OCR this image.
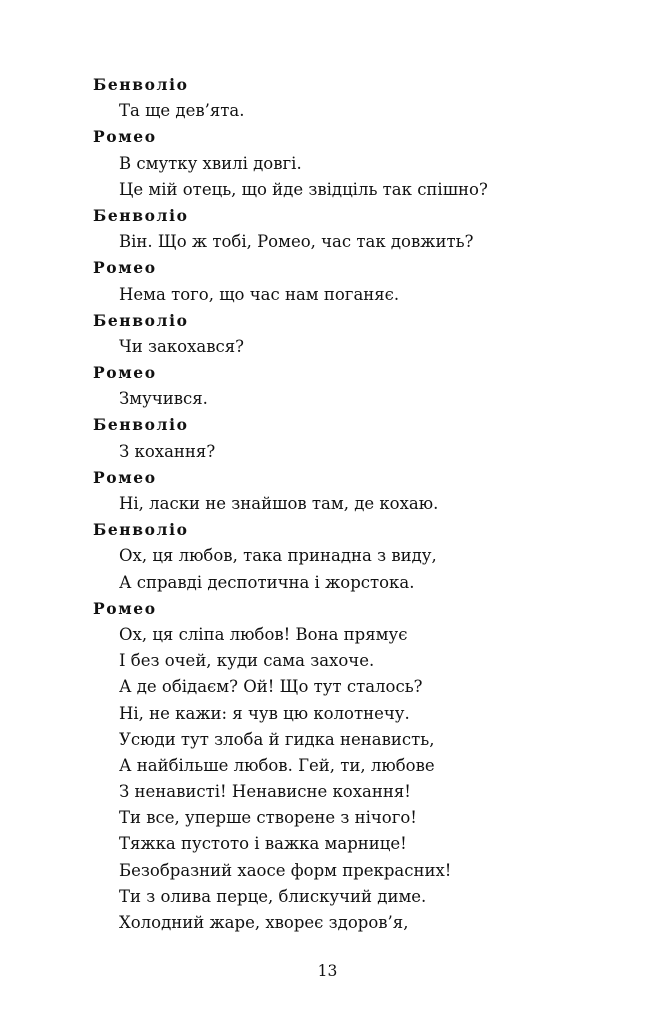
Бенволіо
Та ще дев’ята.
Ромео
В смутку хвилі довгі.
Це мій отець, що йде звідціль так спішно?
Бенволіо
Він. Що ж тобі, Ромео, час так довжить?
Ромео
Нема того, що час нам поганяє.
Бенволіо
Чи закохався?
Ромео
Змучився.
Бенволіо
З кохання?
Ромео
Ні, ласки не знайшов там, де кохаю.
Бенволіо
Ох, ця любов, така принадна з виду,
А справді деспотична і жорстока.
Ромео
Ох, ця сліпа любов! Вона прямує
І без очей, куди сама захоче.
А де обідаєм? Ой! Що тут сталось?
Ні, не кажи: я чув цю колотнечу.
Усюди тут злоба й гидка ненависть,
А найбільше любов. Гей, ти, любове
З ненависті! Ненависне кохання!
Ти все, уперше створене з нічого!
Тяжка пустото і важка марнице!
Безобразний хаосе форм прекрасних!
Ти з олива перце, блискучий диме.
Холодний жаре, хвореє здоров’я,
13
